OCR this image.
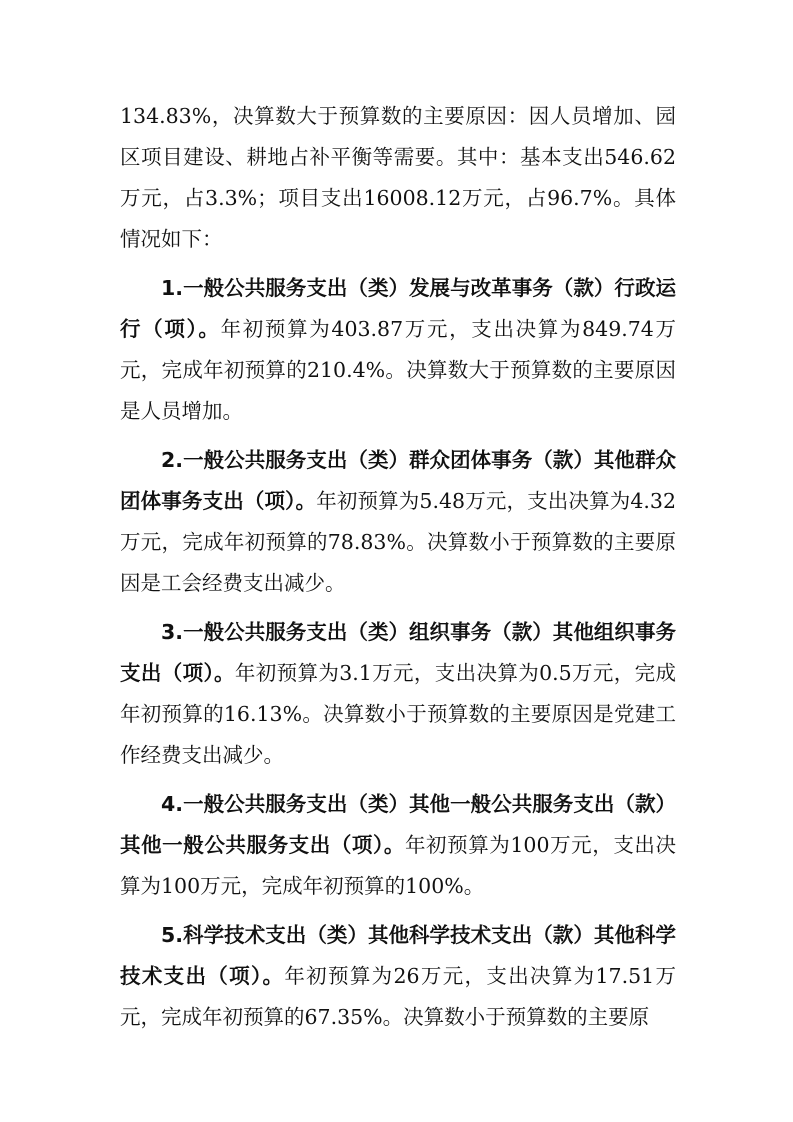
134.83%，决算数大于预算数的主要原因：因人员增加、园区项目建设、耕地占补平衡等需要。其中：基本支出546.62万元，占3.3%；项目支出16008.12万元，占96.7%。具体情况如下：

1.一般公共服务支出（类）发展与改革事务（款）行政运行（项）。年初预算为403.87万元，支出决算为849.74万元，完成年初预算的210.4%。决算数大于预算数的主要原因是人员增加。

2.一般公共服务支出（类）群众团体事务（款）其他群众团体事务支出（项）。年初预算为5.48万元，支出决算为4.32万元，完成年初预算的78.83%。决算数小于预算数的主要原因是工会经费支出减少。

3.一般公共服务支出（类）组织事务（款）其他组织事务支出（项）。年初预算为3.1万元，支出决算为0.5万元，完成年初预算的16.13%。决算数小于预算数的主要原因是党建工作经费支出减少。

4.一般公共服务支出（类）其他一般公共服务支出（款）其他一般公共服务支出（项）。年初预算为100万元，支出决算为100万元，完成年初预算的100%。

5.科学技术支出（类）其他科学技术支出（款）其他科学技术支出（项）。年初预算为26万元，支出决算为17.51万元，完成年初预算的67.35%。决算数小于预算数的主要原
